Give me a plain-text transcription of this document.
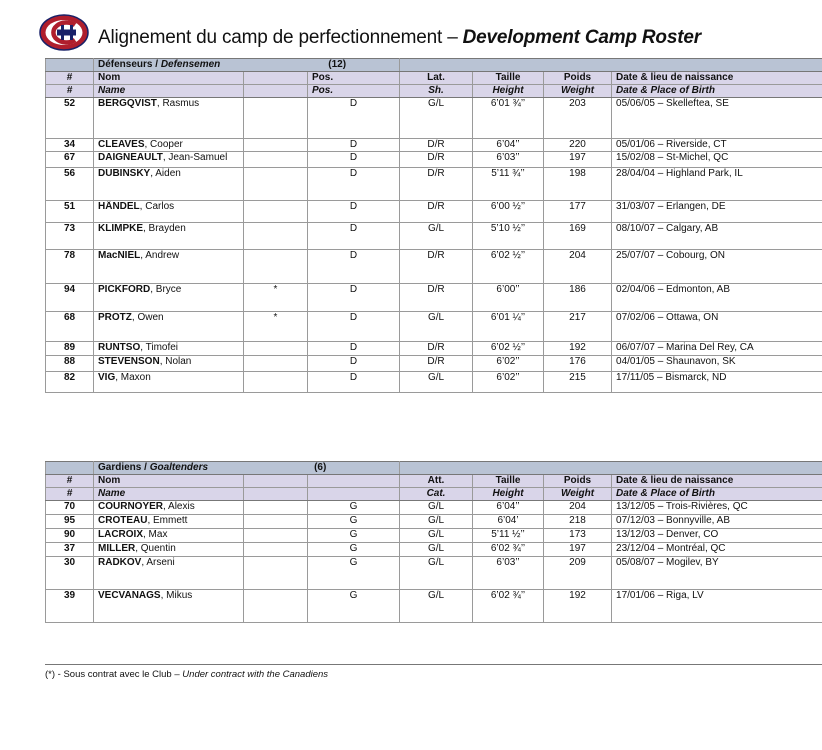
Alignement du camp de perfectionnement – Development Camp Roster
	Défenseurs / Defensemen (12)						
#	Nom		Pos.	Lat.	Taille	Poids	Date & lieu de naissance
#	Name		Pos.	Sh.	Height	Weight	Date & Place of Birth
52	BERGQVIST, Rasmus		D	G/L	6’01 ¾’’	203	05/06/05 – Skelleftea, SE
34	CLEAVES, Cooper		D	D/R	6’04’’	220	05/01/06 – Riverside, CT
67	DAIGNEAULT, Jean-Samuel		D	D/R	6’03’’	197	15/02/08 – St-Michel, QC
56	DUBINSKY, Aiden		D	D/R	5’11 ¾’’	198	28/04/04 – Highland Park, IL
51	HÄNDEL, Carlos		D	D/R	6’00 ½’’	177	31/03/07 – Erlangen, DE
73	KLIMPKE, Brayden		D	G/L	5’10 ½’’	169	08/10/07 – Calgary, AB
78	MacNIEL, Andrew		D	D/R	6’02 ½’’	204	25/07/07 – Cobourg, ON
94	PICKFORD, Bryce	*	D	D/R	6’00’’	186	02/04/06 – Edmonton, AB
68	PROTZ, Owen	*	D	G/L	6’01 ¼’’	217	07/02/06 – Ottawa, ON
89	RUNTSO, Timofei		D	D/R	6’02 ½’’	192	06/07/07 – Marina Del Rey, CA
88	STEVENSON, Nolan		D	D/R	6’02’’	176	04/01/05 – Shaunavon, SK
82	VIG, Maxon		D	G/L	6’02’’	215	17/11/05 – Bismarck, ND
	Gardiens / Goaltenders (6)						
#	Nom			Att.	Taille	Poids	Date & lieu de naissance
#	Name			Cat.	Height	Weight	Date & Place of Birth
70	COURNOYER, Alexis		G	G/L	6’04’’	204	13/12/05 – Trois-Rivières, QC
95	CROTEAU, Emmett		G	G/L	6’04’	218	07/12/03 – Bonnyville, AB
90	LACROIX, Max		G	G/L	5’11 ½’’	173	13/12/03 – Denver, CO
37	MILLER, Quentin		G	G/L	6’02 ¾’’	197	23/12/04 – Montréal, QC
30	RADKOV, Arseni		G	G/L	6’03’’	209	05/08/07 – Mogilev, BY
39	VECVANAGS, Mikus		G	G/L	6’02 ¾’’	192	17/01/06 – Riga, LV
(*) - Sous contrat avec le Club – Under contract with the Canadiens
